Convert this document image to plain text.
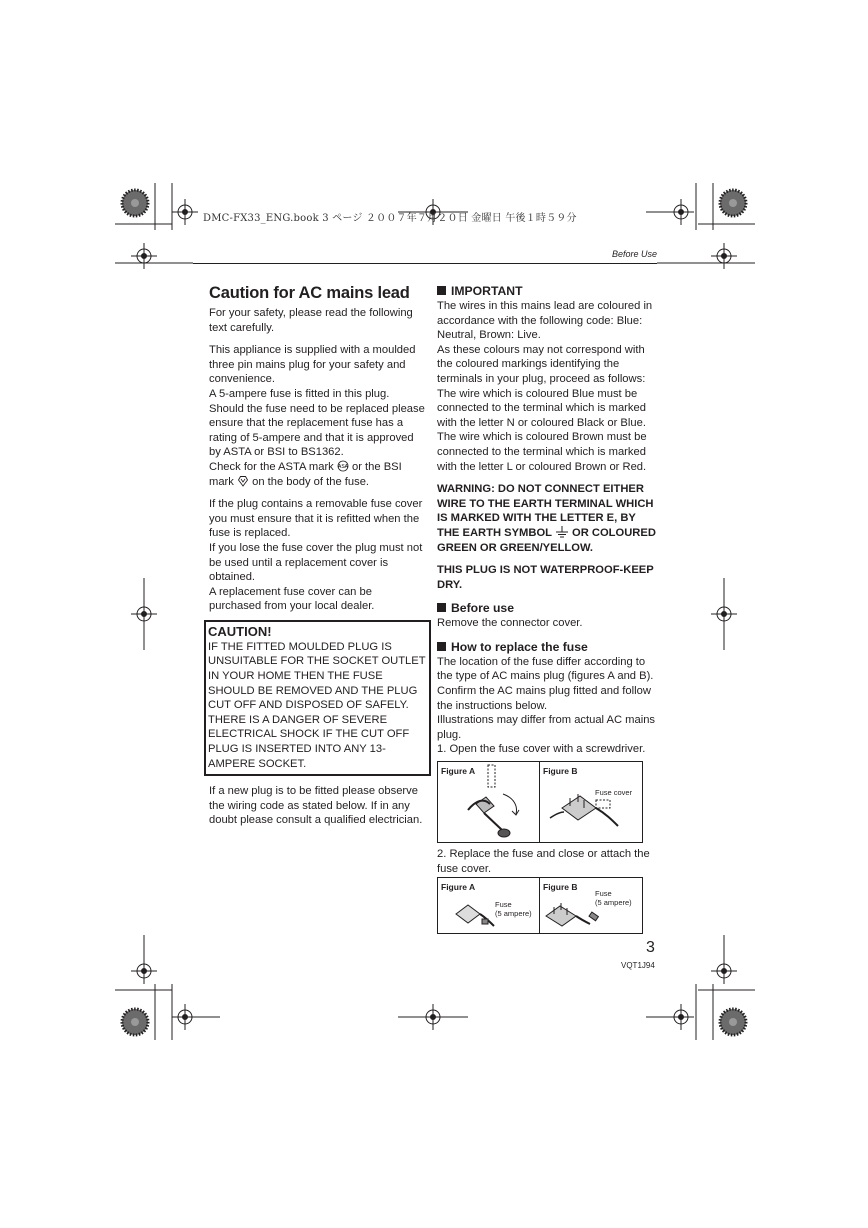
DMC-FX33_ENG.book 3 ページ ２００７年７月２０日 金曜日 午後１時５９分
Before Use
Caution for AC mains lead

For your safety, please read the following text carefully.

This appliance is supplied with a moulded three pin mains plug for your safety and convenience.

A 5-ampere fuse is fitted in this plug. Should the fuse need to be replaced please ensure that the replacement fuse has a rating of 5-ampere and that it is approved by ASTA or BSI to BS1362.

Check for the ASTA mark ASA or the BSI mark on the body of the fuse.

If the plug contains a removable fuse cover you must ensure that it is refitted when the fuse is replaced.

If you lose the fuse cover the plug must not be used until a replacement cover is obtained.

A replacement fuse cover can be purchased from your local dealer.

CAUTION!
IF THE FITTED MOULDED PLUG IS UNSUITABLE FOR THE SOCKET OUTLET IN YOUR HOME THEN THE FUSE SHOULD BE REMOVED AND THE PLUG CUT OFF AND DISPOSED OF SAFELY.
THERE IS A DANGER OF SEVERE ELECTRICAL SHOCK IF THE CUT OFF PLUG IS INSERTED INTO ANY 13-AMPERE SOCKET.

If a new plug is to be fitted please observe the wiring code as stated below. If in any doubt please consult a qualified electrician.

IMPORTANT

The wires in this mains lead are coloured in accordance with the following code: Blue: Neutral, Brown: Live.

As these colours may not correspond with the coloured markings identifying the terminals in your plug, proceed as follows:

The wire which is coloured Blue must be connected to the terminal which is marked with the letter N or coloured Black or Blue.

The wire which is coloured Brown must be connected to the terminal which is marked with the letter L or coloured Brown or Red.

WARNING: DO NOT CONNECT EITHER WIRE TO THE EARTH TERMINAL WHICH IS MARKED WITH THE LETTER E, BY THE EARTH SYMBOL OR COLOURED GREEN OR GREEN/YELLOW.

THIS PLUG IS NOT WATERPROOF-KEEP DRY.

Before use

Remove the connector cover.

How to replace the fuse

The location of the fuse differ according to the type of AC mains plug (figures A and B). Confirm the AC mains plug fitted and follow the instructions below.

Illustrations may differ from actual AC mains plug.

1. Open the fuse cover with a screwdriver.

Figure A	Figure B
Fuse cover

2. Replace the fuse and close or attach the fuse cover.

Figure A
Fuse
(5 ampere)
Figure B
Fuse
(5 ampere)
3
VQT1J94
